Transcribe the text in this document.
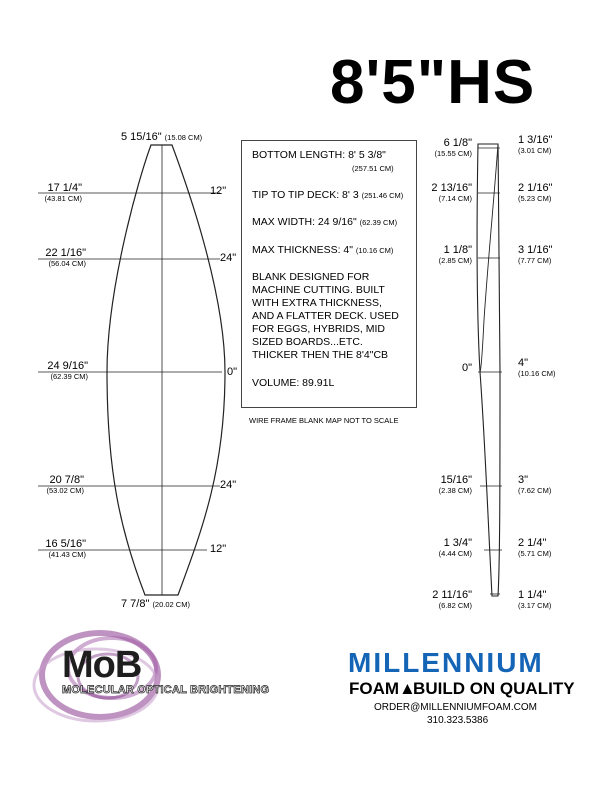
8'5"HS
5 15/16" (15.08 CM)
17 1/4"
(43.81 CM)
12"
22 1/16"
(56.04 CM)	24"
24 9/16"
(62.39 CM)	0"
20 7/8"
(53.02 CM)	24"
16 5/16"
(41.43 CM)	12"
7 7/8" (20.02 CM)

BOTTOM LENGTH: 8' 5 3/8"
(257.51 CM)

TIP TO TIP DECK: 8' 3 (251.46 CM)

MAX WIDTH: 24 9/16" (62.39 CM)

MAX THICKNESS: 4" (10.16 CM)

BLANK DESIGNED FOR MACHINE CUTTING. BUILT WITH EXTRA THICKNESS, AND A FLATTER DECK. USED FOR EGGS, HYBRIDS, MID SIZED BOARDS...ETC. THICKER THEN THE 8'4"CB

VOLUME: 89.91L

WIRE FRAME BLANK MAP NOT TO SCALE
6 1/8"
(15.55 CM)
2 13/16"
(7.14 CM)
1 1/8"
(2.85 CM)
0"
15/16"
(2.38 CM)
1 3/4"
(4.44 CM)
2 11/16"
(6.82 CM)
1 3/16"
(3.01 CM)
2 1/16"
(5.23 CM)
3 1/16"
(7.77 CM)
4"
(10.16 CM)
3"
(7.62 CM)
2 1/4"
(5.71 CM)
1 1/4"
(3.17 CM)
MoB
MOLECULAR OPTICAL BRIGHTENING
MILLENNIUM
FOAM▲BUILD ON QUALITY
ORDER@MILLENNIUMFOAM.COM
310.323.5386
